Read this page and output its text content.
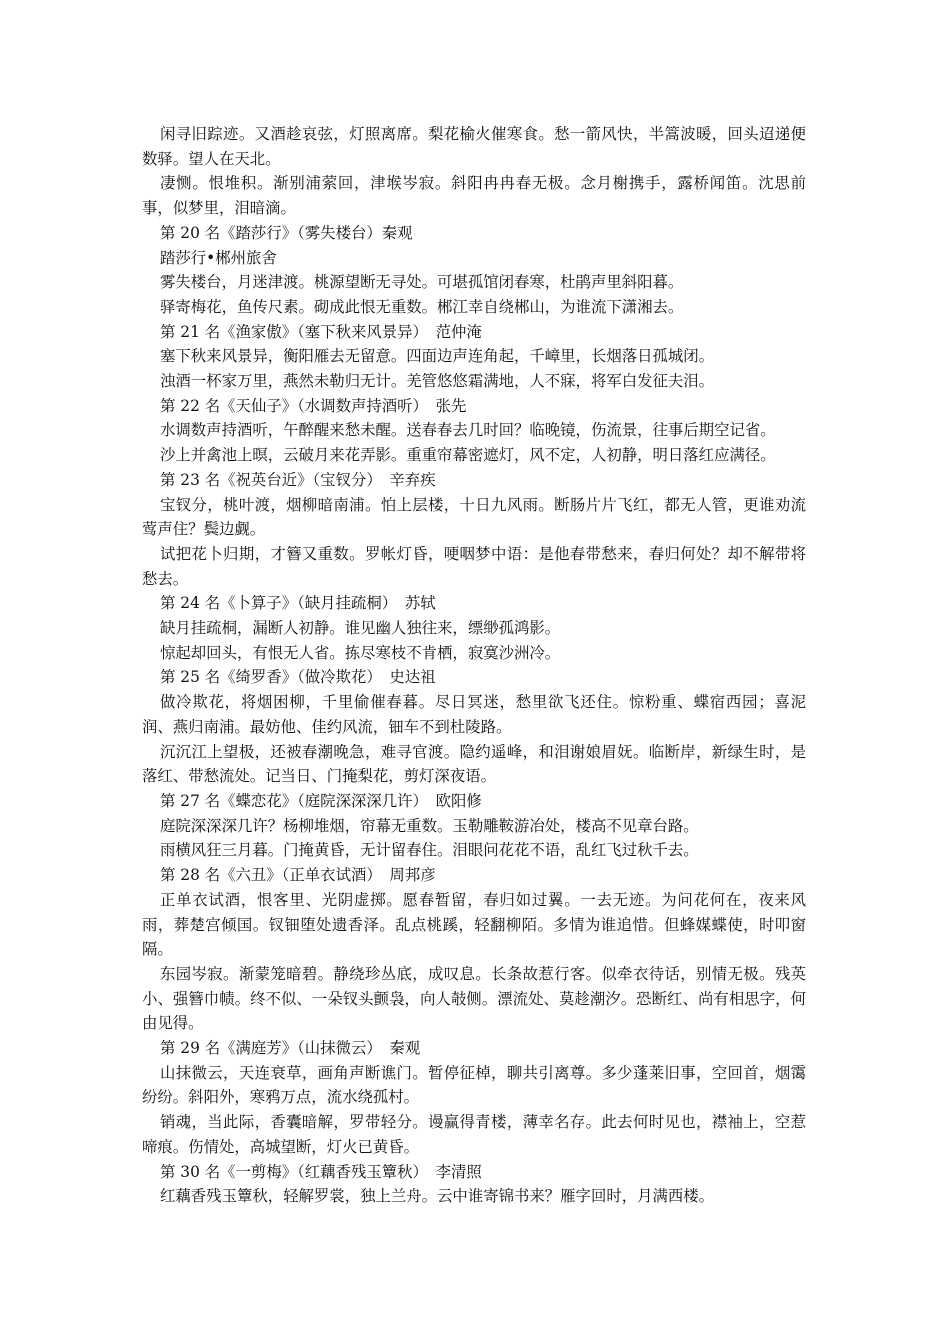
闲寻旧踪迹。又酒趁哀弦，灯照离席。梨花榆火催寒食。愁一箭风快，半篙波暖，回头迢递便数驿。望人在天北。

凄恻。恨堆积。渐别浦萦回，津堠岑寂。斜阳冉冉春无极。念月榭携手，露桥闻笛。沈思前事，似梦里，泪暗滴。

第 20 名《踏莎行》（雾失楼台）秦观

踏莎行•郴州旅舍

雾失楼台，月迷津渡。桃源望断无寻处。可堪孤馆闭春寒，杜鹃声里斜阳暮。

驿寄梅花，鱼传尺素。砌成此恨无重数。郴江幸自绕郴山，为谁流下潇湘去。

第 21 名《渔家傲》（塞下秋来风景异）　范仲淹

塞下秋来风景异，衡阳雁去无留意。四面边声连角起，千嶂里，长烟落日孤城闭。

浊酒一杯家万里，燕然未勒归无计。羌管悠悠霜满地，人不寐，将军白发征夫泪。

第 22 名《天仙子》（水调数声持酒听）　张先

水调数声持酒听，午醉醒来愁未醒。送春春去几时回？临晚镜，伤流景，往事后期空记省。

沙上并禽池上暝，云破月来花弄影。重重帘幕密遮灯，风不定，人初静，明日落红应满径。

第 23 名《祝英台近》（宝钗分）　辛弃疾

宝钗分，桃叶渡，烟柳暗南浦。怕上层楼，十日九风雨。断肠片片飞红，都无人管，更谁劝流莺声住？鬓边觑。

试把花卜归期，才簪又重数。罗帐灯昏，哽咽梦中语：是他春带愁来，春归何处？却不解带将愁去。

第 24 名《卜算子》（缺月挂疏桐）　苏轼

缺月挂疏桐，漏断人初静。谁见幽人独往来，缥缈孤鸿影。

惊起却回头，有恨无人省。拣尽寒枝不肯栖，寂寞沙洲冷。

第 25 名《绮罗香》（做冷欺花）　史达祖

做冷欺花，将烟困柳，千里偷催春暮。尽日冥迷，愁里欲飞还住。惊粉重、蝶宿西园；喜泥润、燕归南浦。最妨他、佳约风流，钿车不到杜陵路。

沉沉江上望极，还被春潮晚急，难寻官渡。隐约遥峰，和泪谢娘眉妩。临断岸，新绿生时，是落红、带愁流处。记当日、门掩梨花，剪灯深夜语。

第 27 名《蝶恋花》（庭院深深深几许）　欧阳修

庭院深深深几许？杨柳堆烟，帘幕无重数。玉勒雕鞍游冶处，楼高不见章台路。

雨横风狂三月暮。门掩黄昏，无计留春住。泪眼问花花不语，乱红飞过秋千去。

第 28 名《六丑》（正单衣试酒）　周邦彦

正单衣试酒，恨客里、光阴虚掷。愿春暂留，春归如过翼。一去无迹。为问花何在，夜来风雨，葬楚宫倾国。钗钿堕处遗香泽。乱点桃蹊，轻翻柳陌。多情为谁追惜。但蜂媒蝶使，时叩窗隔。

东园岑寂。渐蒙笼暗碧。静绕珍丛底，成叹息。长条故惹行客。似牵衣待话，别情无极。残英小、强簪巾帻。终不似、一朵钗头颤袅，向人攲侧。漂流处、莫趁潮汐。恐断红、尚有相思字，何由见得。

第 29 名《满庭芳》（山抹微云）　秦观

山抹微云，天连衰草，画角声断谯门。暂停征棹，聊共引离尊。多少蓬莱旧事，空回首，烟霭纷纷。斜阳外，寒鸦万点，流水绕孤村。

销魂，当此际，香囊暗解，罗带轻分。谩赢得青楼，薄幸名存。此去何时见也，襟袖上，空惹啼痕。伤情处，高城望断，灯火已黄昏。

第 30 名《一剪梅》（红藕香残玉簟秋）　李清照

红藕香残玉簟秋，轻解罗裳，独上兰舟。云中谁寄锦书来？雁字回时，月满西楼。
